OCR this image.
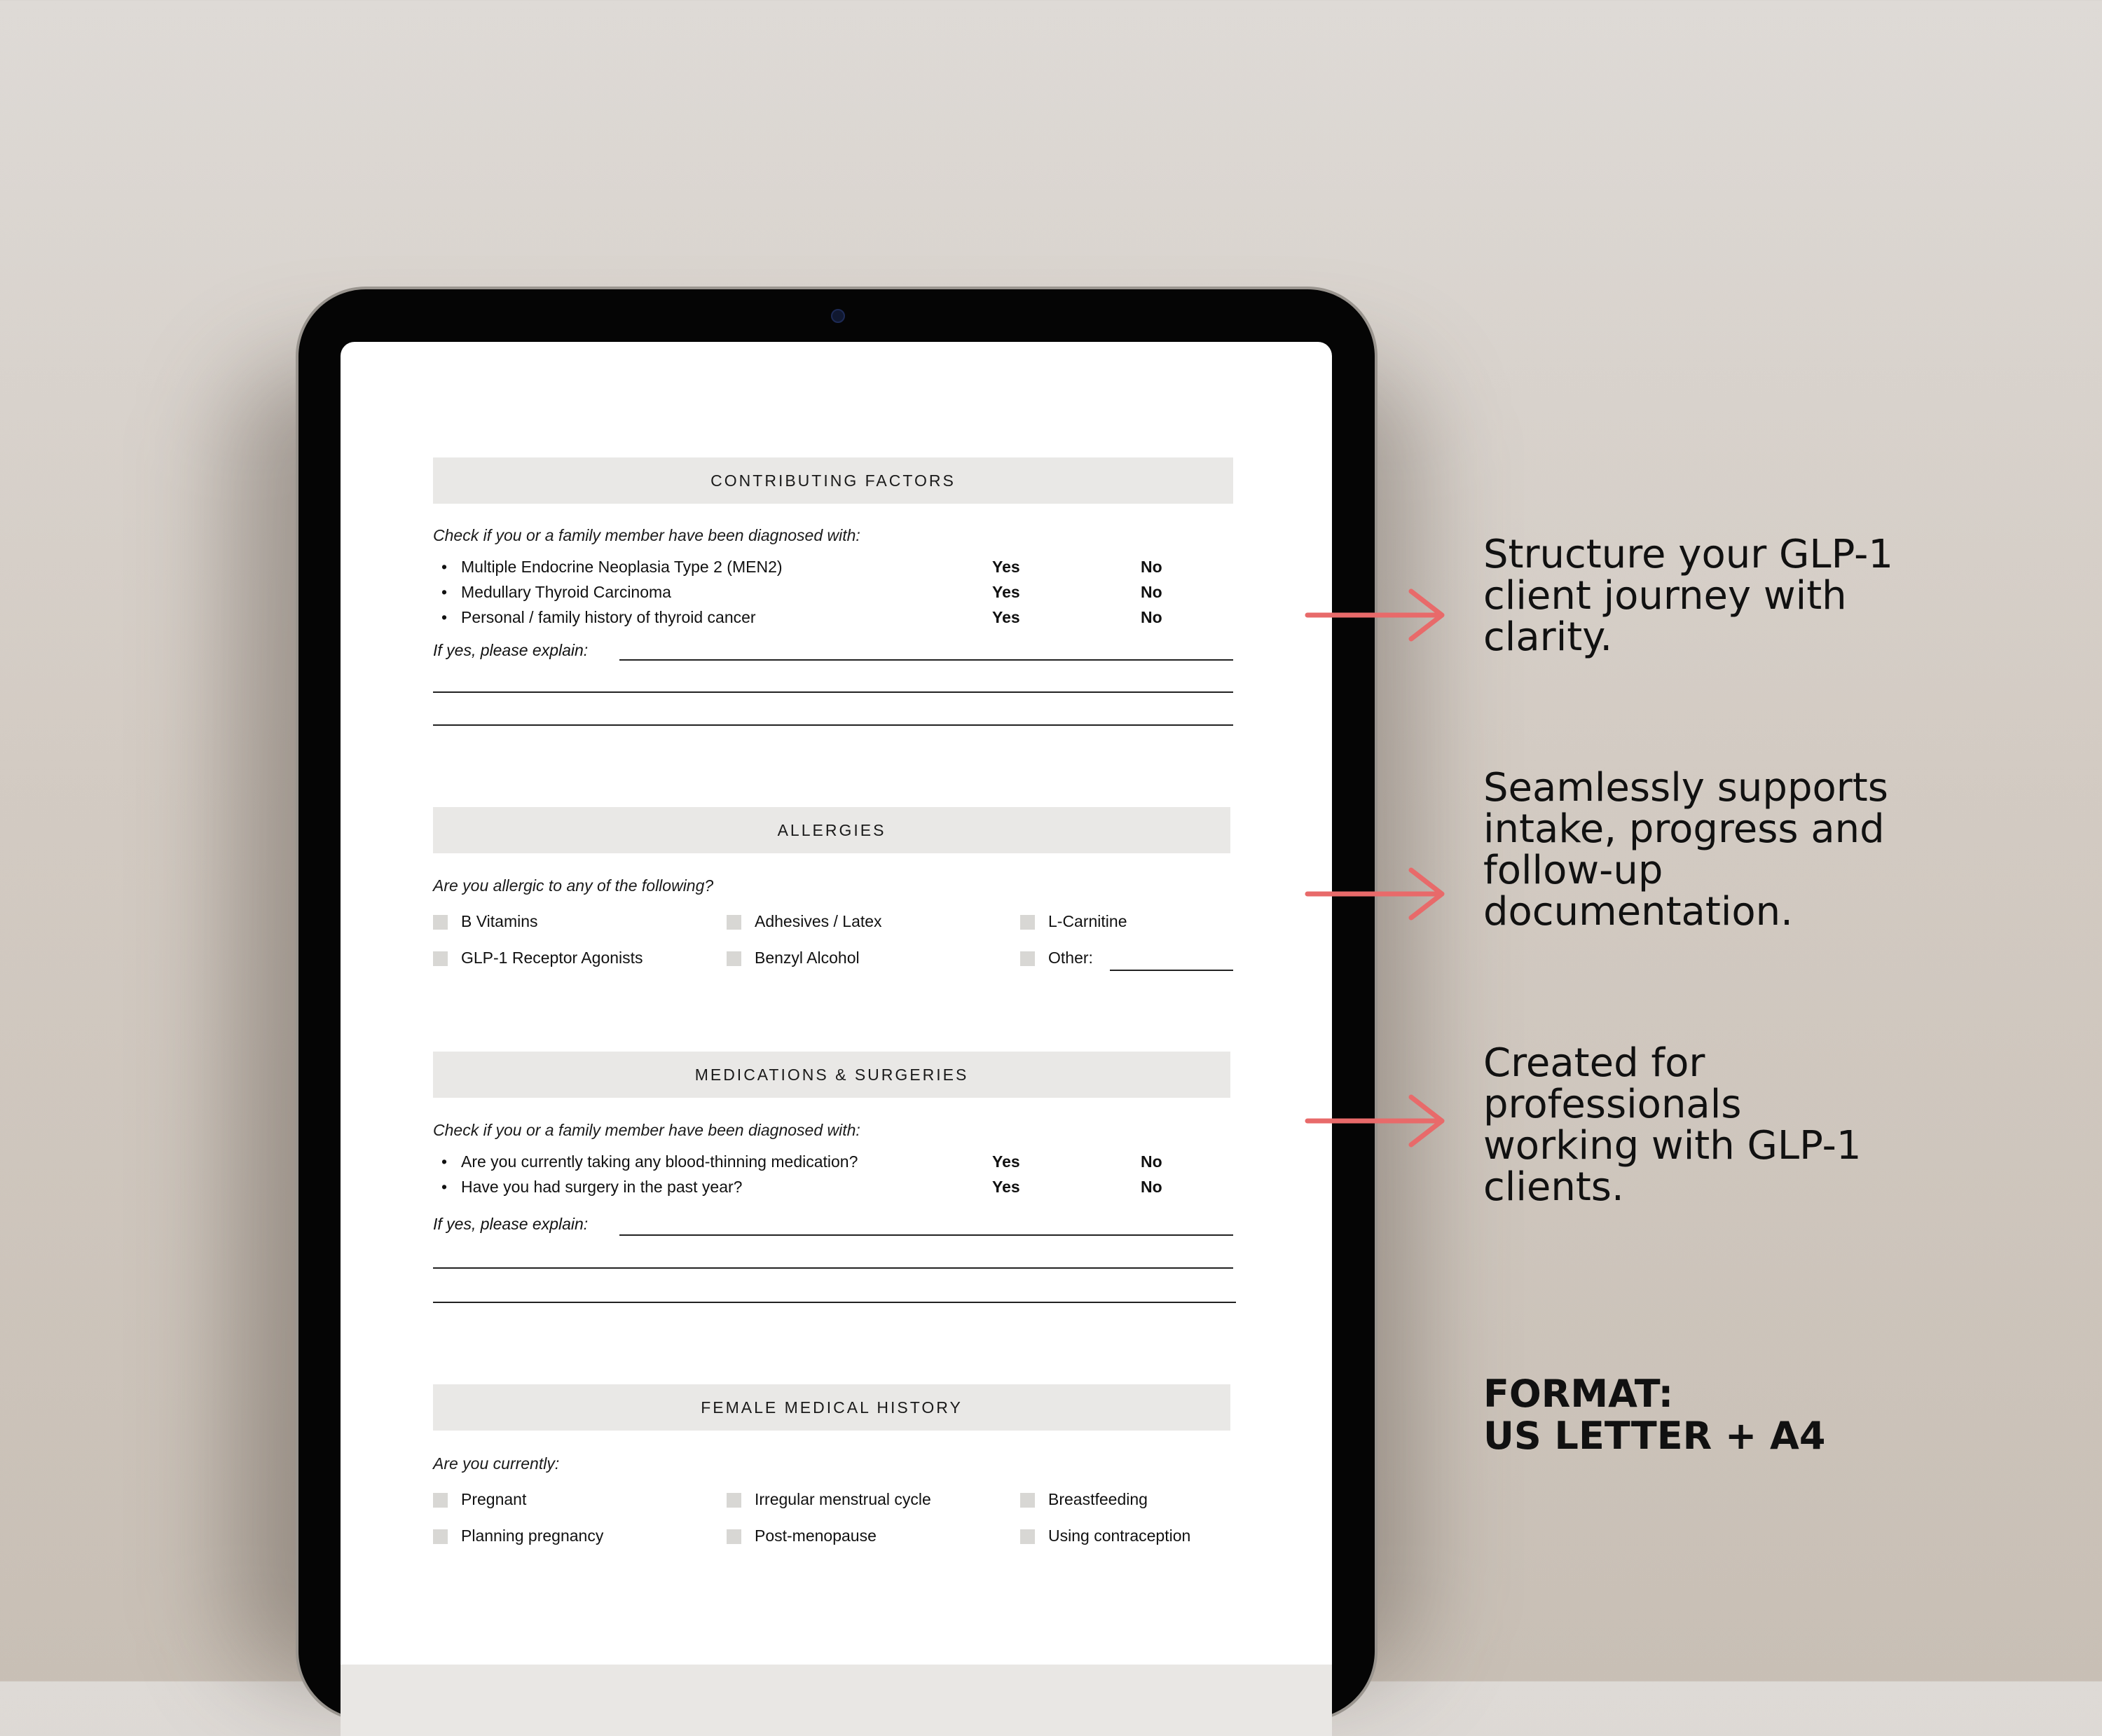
CONTRIBUTING FACTORS
Check if you or a family member have been diagnosed with:
• Multiple Endocrine Neoplasia Type 2 (MEN2)	Yes	No
• Medullary Thyroid Carcinoma	Yes	No
• Personal / family history of thyroid cancer	Yes	No
If yes, please explain:
ALLERGIES
Are you allergic to any of the following?
B Vitamins	Adhesives / Latex	L-Carnitine
GLP-1 Receptor Agonists	Benzyl Alcohol	Other:
MEDICATIONS & SURGERIES
Check if you or a family member have been diagnosed with:
• Are you currently taking any blood-thinning medication?	Yes	No
• Have you had surgery in the past year?	Yes	No
If yes, please explain:
FEMALE MEDICAL HISTORY
Are you currently:
Pregnant	Irregular menstrual cycle	Breastfeeding
Planning pregnancy	Post-menopause	Using contraception
Structure your GLP-1 client journey with clarity.
Seamlessly supports intake, progress and follow-up documentation.
Created for professionals working with GLP-1 clients.
FORMAT:
US LETTER + A4
